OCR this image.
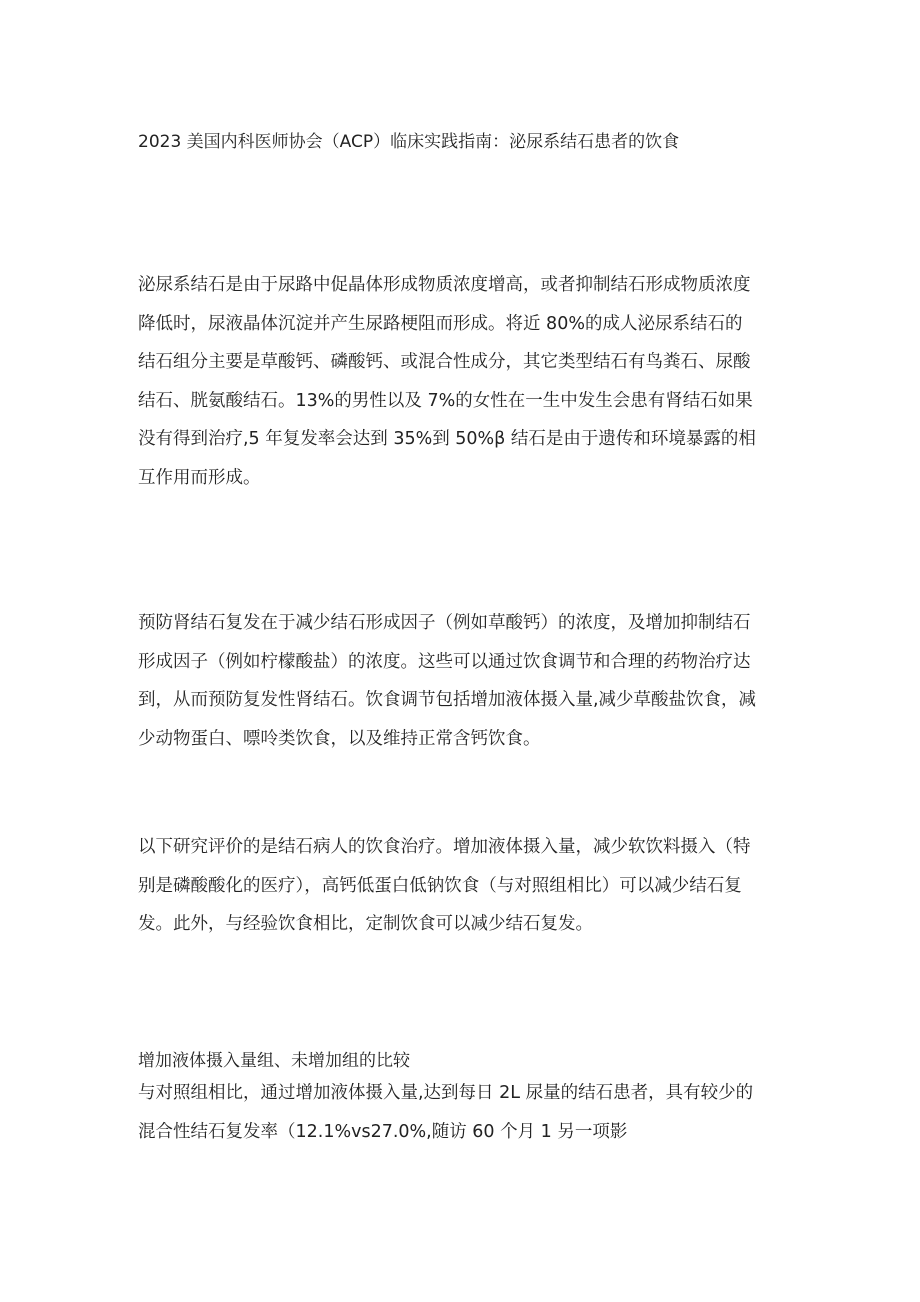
2023 美国内科医师协会（ACP）临床实践指南：泌尿系结石患者的饮食

泌尿系结石是由于尿路中促晶体形成物质浓度增高，或者抑制结石形成物质浓度
降低时，尿液晶体沉淀并产生尿路梗阻而形成。将近 80%的成人泌尿系结石的
结石组分主要是草酸钙、磷酸钙、或混合性成分，其它类型结石有鸟粪石、尿酸
结石、胱氨酸结石。13%的男性以及 7%的女性在一生中发生会患有肾结石如果
没有得到治疗,5 年复发率会达到 35%到 50%β 结石是由于遗传和环境暴露的相
互作用而形成。

预防肾结石复发在于减少结石形成因子（例如草酸钙）的浓度，及增加抑制结石
形成因子（例如柠檬酸盐）的浓度。这些可以通过饮食调节和合理的药物治疗达
到，从而预防复发性肾结石。饮食调节包括增加液体摄入量,减少草酸盐饮食，减
少动物蛋白、嘌呤类饮食，以及维持正常含钙饮食。

以下研究评价的是结石病人的饮食治疗。增加液体摄入量，减少软饮料摄入（特
别是磷酸酸化的医疗），高钙低蛋白低钠饮食（与对照组相比）可以减少结石复
发。此外，与经验饮食相比，定制饮食可以减少结石复发。

增加液体摄入量组、未增加组的比较

与对照组相比，通过增加液体摄入量,达到每日 2L 尿量的结石患者，具有较少的
混合性结石复发率（12.1%vs27.0%,随访 60 个月 1 另一项影
